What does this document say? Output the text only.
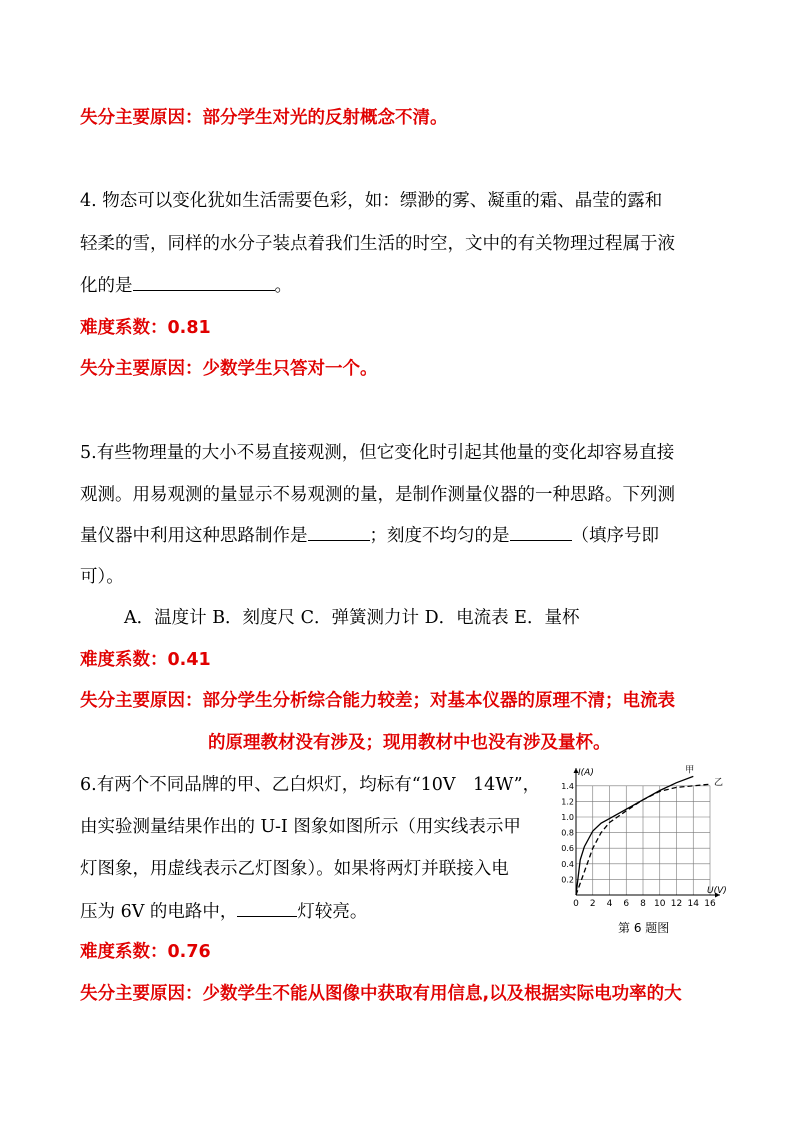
失分主要原因：部分学生对光的反射概念不清。
4. 物态可以变化犹如生活需要色彩，如：缥渺的雾、凝重的霜、晶莹的露和
轻柔的雪，同样的水分子装点着我们生活的时空，文中的有关物理过程属于液
化的是	。
难度系数：0.81
失分主要原因：少数学生只答对一个。
5.有些物理量的大小不易直接观测，但它变化时引起其他量的变化却容易直接
观测。用易观测的量显示不易观测的量，是制作测量仪器的一种思路。下列测
量仪器中利用这种思路制作是	；刻度不均匀的是	（填序号即
可）。
A．温度计 B．刻度尺 C．弹簧测力计 D．电流表 E．量杯
难度系数：0.41
失分主要原因：部分学生分析综合能力较差；对基本仪器的原理不清；电流表
的原理教材没有涉及；现用教材中也没有涉及量杯。
6.有两个不同品牌的甲、乙白炽灯，均标有“10V　14W”，
由实验测量结果作出的 U-I 图象如图所示（用实线表示甲
灯图象，用虚线表示乙灯图象）。如果将两灯并联接入电
压为 6V 的电路中，	灯较亮。
难度系数：0.76
失分主要原因：少数学生不能从图像中获取有用信息,以及根据实际电功率的大
0 2 4 6 8 10 12 14 16
0.2
0.4
0.6
0.8
1.0
1.2
1.4
甲
乙
I(A)
U(V)
第 6 题图
